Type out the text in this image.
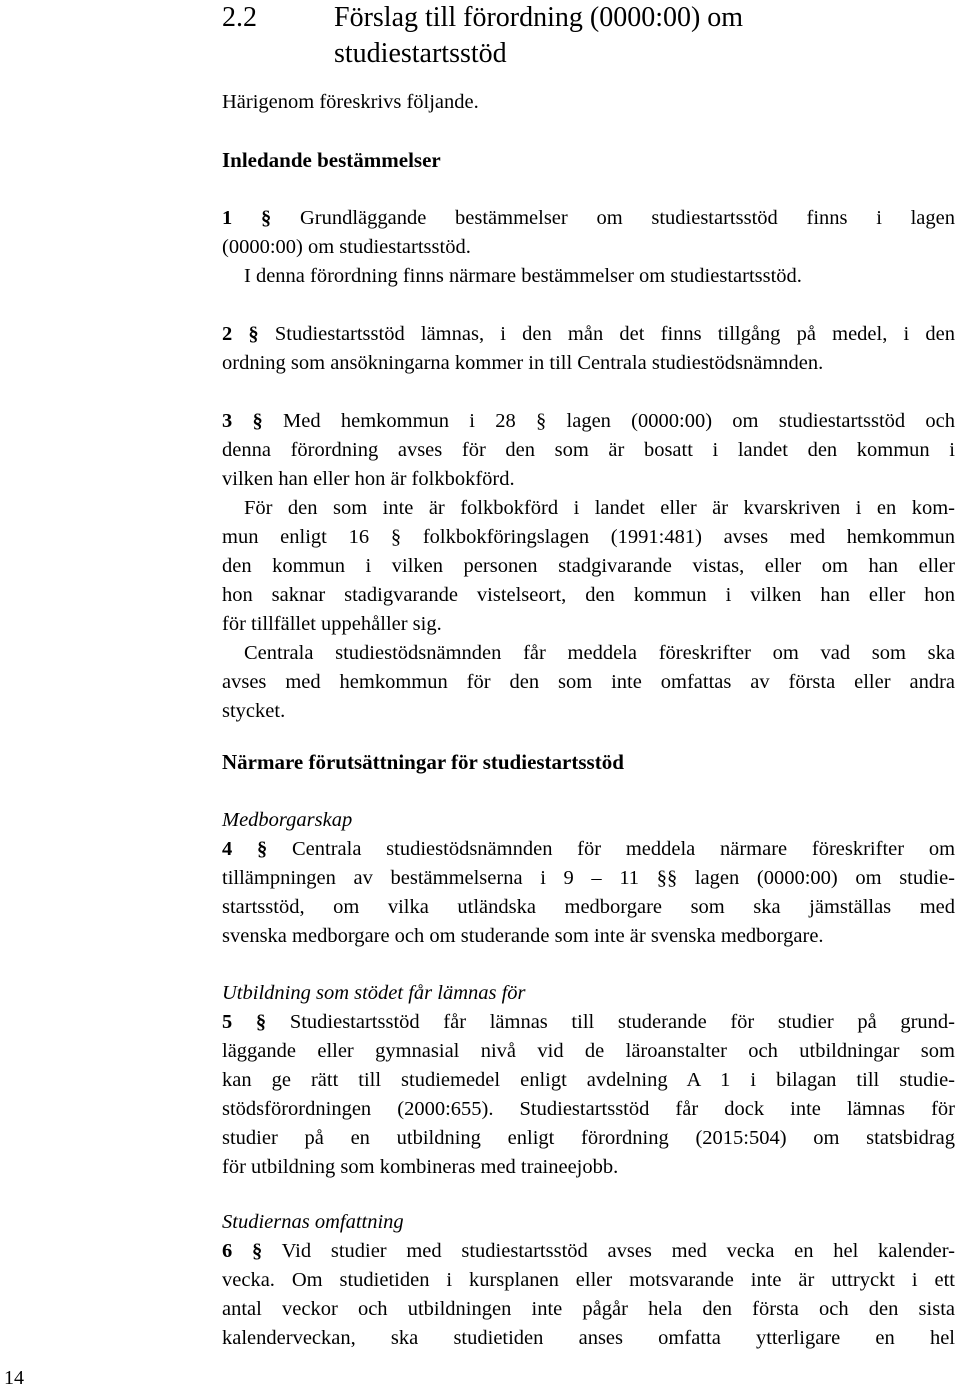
2.2	Förslag till förordning (0000:00) om
studiestartsstöd
Härigenom föreskrivs följande.
Inledande bestämmelser
1 § Grundläggande bestämmelser om studiestartsstöd finns i lagen
(0000:00) om studiestartsstöd.
I denna förordning finns närmare bestämmelser om studiestartsstöd.
2 § Studiestartsstöd lämnas, i den mån det finns tillgång på medel, i den
ordning som ansökningarna kommer in till Centrala studiestödsnämnden.
3 § Med hemkommun i 28 § lagen (0000:00) om studiestartsstöd och
denna förordning avses för den som är bosatt i landet den kommun i
vilken han eller hon är folkbokförd.
För den som inte är folkbokförd i landet eller är kvarskriven i en kom-
mun enligt 16 § folkbokföringslagen (1991:481) avses med hemkommun
den kommun i vilken personen stadgivarande vistas, eller om han eller
hon saknar stadigvarande vistelseort, den kommun i vilken han eller hon
för tillfället uppehåller sig.
Centrala studiestödsnämnden får meddela föreskrifter om vad som ska
avses med hemkommun för den som inte omfattas av första eller andra
stycket.
Närmare förutsättningar för studiestartsstöd
Medborgarskap
4 § Centrala studiestödsnämnden för meddela närmare föreskrifter om
tillämpningen av bestämmelserna i 9 – 11 §§ lagen (0000:00) om studie-
startsstöd, om vilka utländska medborgare som ska jämställas med
svenska medborgare och om studerande som inte är svenska medborgare.
Utbildning som stödet får lämnas för
5 § Studiestartsstöd får lämnas till studerande för studier på grund-
läggande eller gymnasial nivå vid de läroanstalter och utbildningar som
kan ge rätt till studiemedel enligt avdelning A 1 i bilagan till studie-
stödsförordningen (2000:655). Studiestartsstöd får dock inte lämnas för
studier på en utbildning enligt förordning (2015:504) om statsbidrag
för utbildning som kombineras med traineejobb.
Studiernas omfattning
6 § Vid studier med studiestartsstöd avses med vecka en hel kalender-
vecka. Om studietiden i kursplanen eller motsvarande inte är uttryckt i ett
antal veckor och utbildningen inte pågår hela den första och den sista
kalenderveckan, ska studietiden anses omfatta ytterligare en hel
14
